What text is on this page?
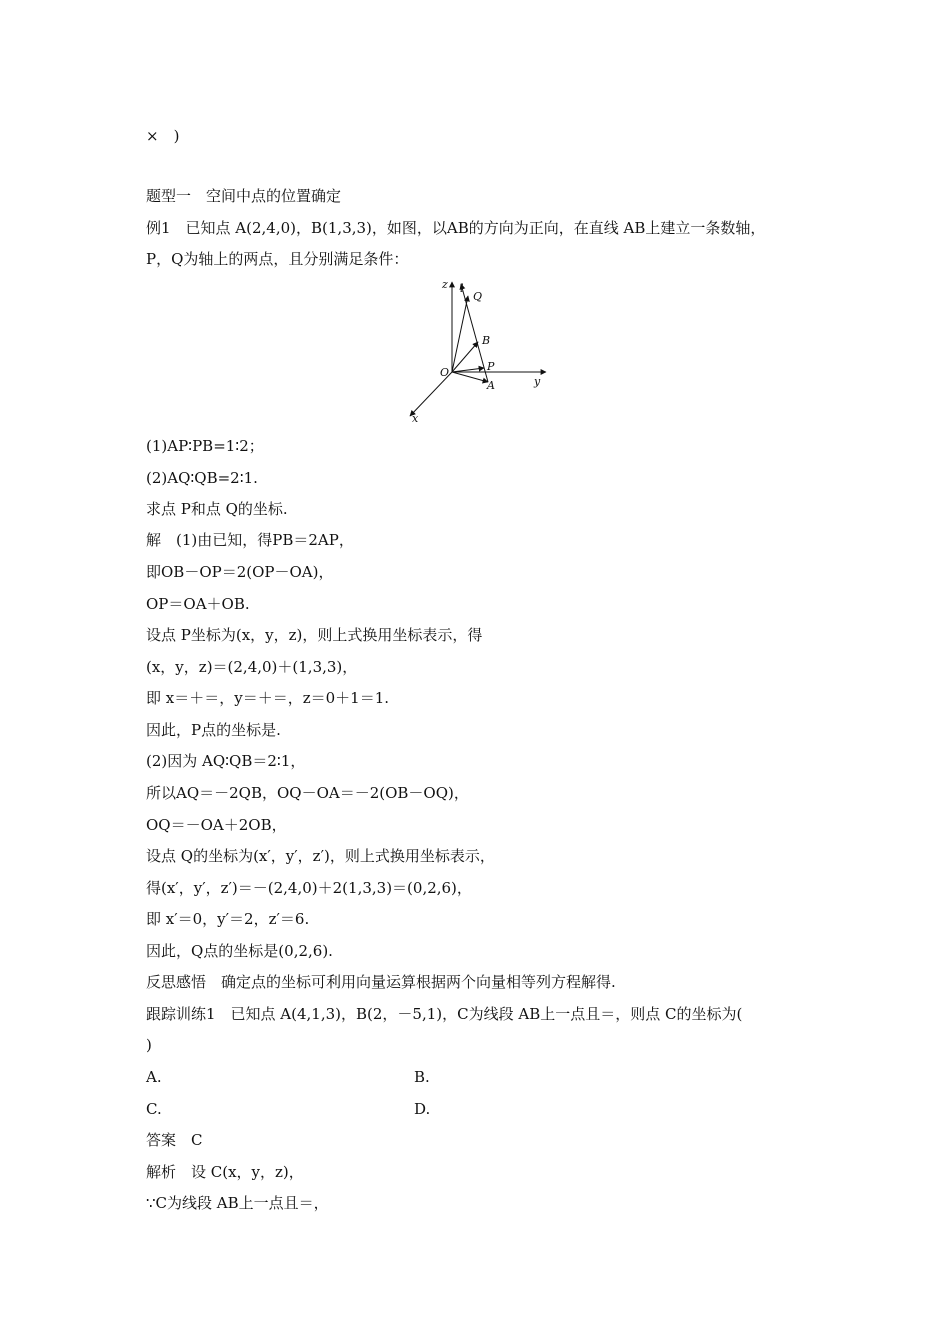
×　)
题型一　空间中点的位置确定
例1　已知点 A(2,4,0)，B(1,3,3)，如图，以AB的方向为正向，在直线 AB上建立一条数轴，
P，Q为轴上的两点，且分别满足条件：
z l
Q
B
P
O
A	y
x
(1)AP∶PB=1∶2；
(2)AQ∶QB=2∶1.
求点 P和点 Q的坐标.
解　(1)由已知，得PB＝2AP，
即OB－OP＝2(OP－OA)，
OP＝OA＋OB.
设点 P坐标为(x，y，z)，则上式换用坐标表示，得
(x，y，z)＝(2,4,0)＋(1,3,3)，
即 x＝＋＝，y＝＋＝，z＝0＋1＝1.
因此，P点的坐标是.
(2)因为 AQ∶QB＝2∶1，
所以AQ＝－2QB，OQ－OA＝－2(OB－OQ)，
OQ＝－OA＋2OB，
设点 Q的坐标为(x′，y′，z′)，则上式换用坐标表示，
得(x′，y′，z′)＝－(2,4,0)＋2(1,3,3)＝(0,2,6)，
即 x′＝0，y′＝2，z′＝6.
因此，Q点的坐标是(0,2,6).
反思感悟　确定点的坐标可利用向量运算根据两个向量相等列方程解得.
跟踪训练1　已知点 A(4,1,3)，B(2，－5,1)，C为线段 AB上一点且＝，则点 C的坐标为(
)
A.	B.
C.	D.
答案　C
解析　设 C(x，y，z)，
∵C为线段 AB上一点且＝，
